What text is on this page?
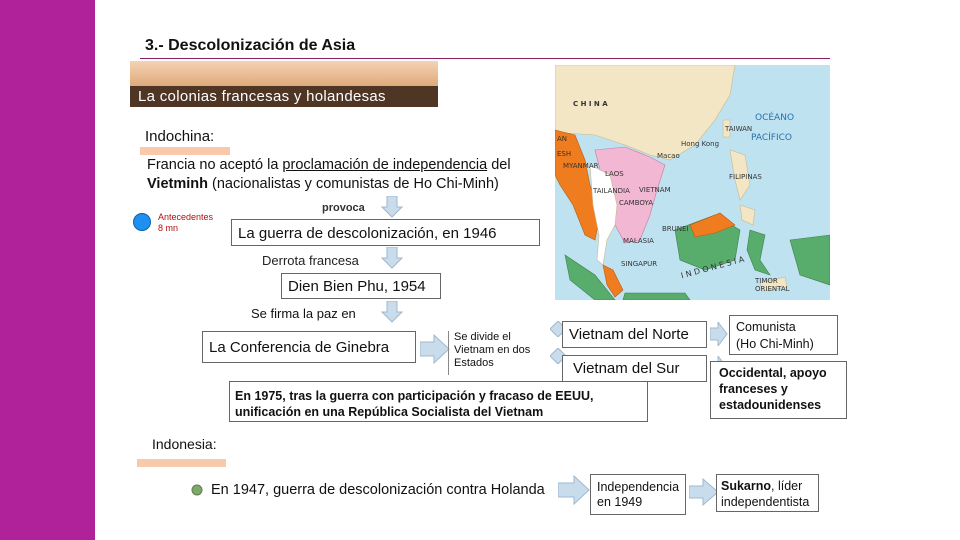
3.- Descolonización de Asia
La colonias francesas y holandesas
Indochina:
Francia no aceptó la proclamación de independencia del
Vietminh (nacionalistas y comunistas de Ho Chi-Minh)
provoca
Antecedentes
8 mn	La guerra de descolonización, en 1946
Derrota francesa
Dien Bien Phu, 1954
Se firma la paz en
La Conferencia de Ginebra
Se divide el
Vietnam en dos
Estados
Vietnam del Norte
Vietnam del Sur
Comunista
(Ho Chi-Minh)
Occidental, apoyo
franceses y
estadounidenses
En 1975, tras la guerra con participación y fracaso de EEUU,
unificación en una República Socialista del Vietnam
Indonesia:
En 1947, guerra de descolonización contra Holanda	Independencia
en 1949
Sukarno, líder
independentista
C H I N A
OCÉANO
PACÍFICO
TAIWAN
Hong Kong
Macao
MYANMAR
LAOS
TAILANDIA VIETNAM
CAMBOYA
FILIPINAS
BRUNEI
MALASIA
SINGAPUR	I N D O N E S I A
TIMOR
ORIENTAL
AN
ESH
